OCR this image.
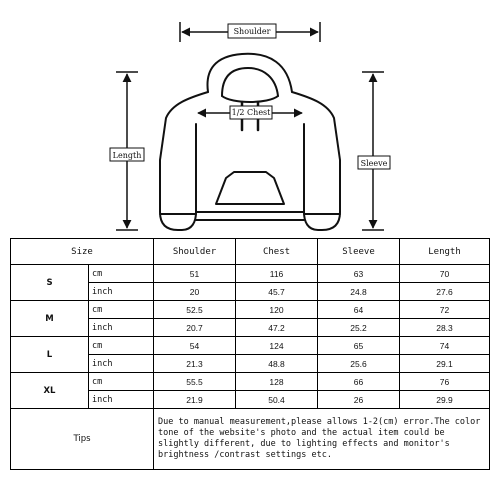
Shoulder
1/2 Chest
Length
Sleeve
Size		Shoulder	Chest	Sleeve	Length
S	cm	51	116	63	70
	inch	20	45.7	24.8	27.6
M	cm	52.5	120	64	72
	inch	20.7	47.2	25.2	28.3
L	cm	54	124	65	74
	inch	21.3	48.8	25.6	29.1
XL	cm	55.5	128	66	76
	inch	21.9	50.4	26	29.9
Tips		Due to manual measurement,please allows 1-2(cm) error.The color tone of the website's photo and the actual item could be slightly different, due to lighting effects and monitor's brightness /contrast settings etc.			
